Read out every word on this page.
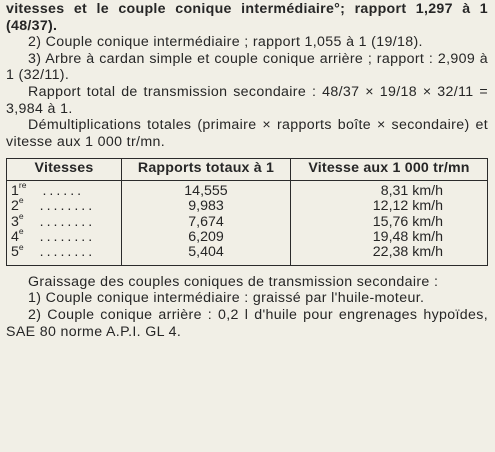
vitesses et le couple conique intermédiaire°; rapport 1,297 à 1 (48/37).

2) Couple conique intermédiaire ; rapport 1,055 à 1 (19/18).

3) Arbre à cardan simple et couple conique arrière ; rapport : 2,909 à 1 (32/11).

Rapport total de transmission secondaire : 48/37 × 19/18 × 32/11 = 3,984 à 1.

Démultiplications totales (primaire × rapports boîte × secondaire) et vitesse aux 1 000 tr/mn.

Vitesses	Rapports totaux à 1	Vitesse aux 1 000 tr/mn
1re ......	14,555	8,31 km/h
2e ........	9,983	12,12 km/h
3e ........	7,674	15,76 km/h
4e ........	6,209	19,48 km/h
5e ........	5,404	22,38 km/h

Graissage des couples coniques de transmission secondaire :

1) Couple conique intermédiaire : graissé par l'huile-moteur.

2) Couple conique arrière : 0,2 l d'huile pour engrenages hypoïdes, SAE 80 norme A.P.I. GL 4.
